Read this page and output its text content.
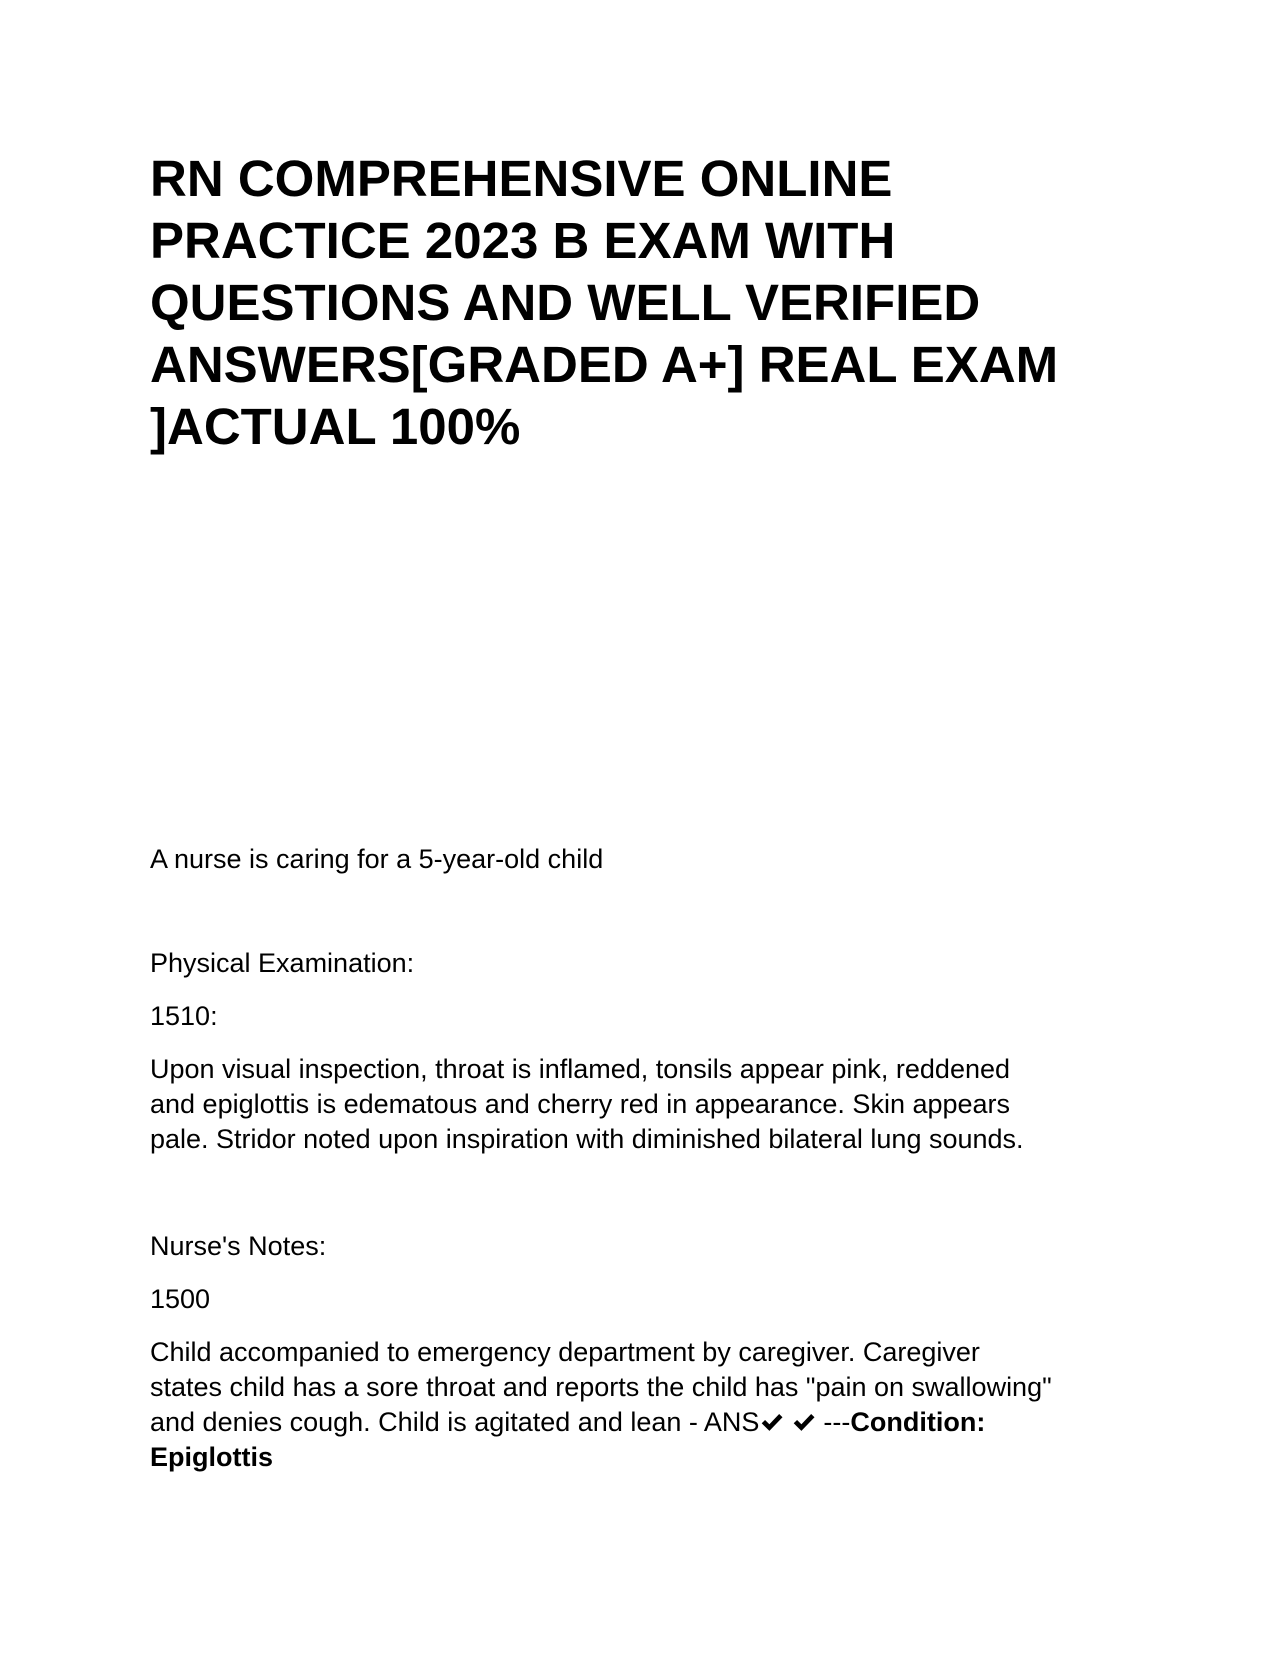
RN COMPREHENSIVE ONLINE
PRACTICE 2023 B EXAM WITH
QUESTIONS AND WELL VERIFIED
ANSWERS[GRADED A+] REAL EXAM
]ACTUAL 100%

A nurse is caring for a 5-year-old child

Physical Examination:

1510:

Upon visual inspection, throat is inflamed, tonsils appear pink, reddened
and epiglottis is edematous and cherry red in appearance. Skin appears
pale. Stridor noted upon inspiration with diminished bilateral lung sounds.

Nurse's Notes:

1500

Child accompanied to emergency department by caregiver. Caregiver
states child has a sore throat and reports the child has "pain on swallowing"
and denies cough. Child is agitated and lean - ANS ---Condition:
Epiglottis
